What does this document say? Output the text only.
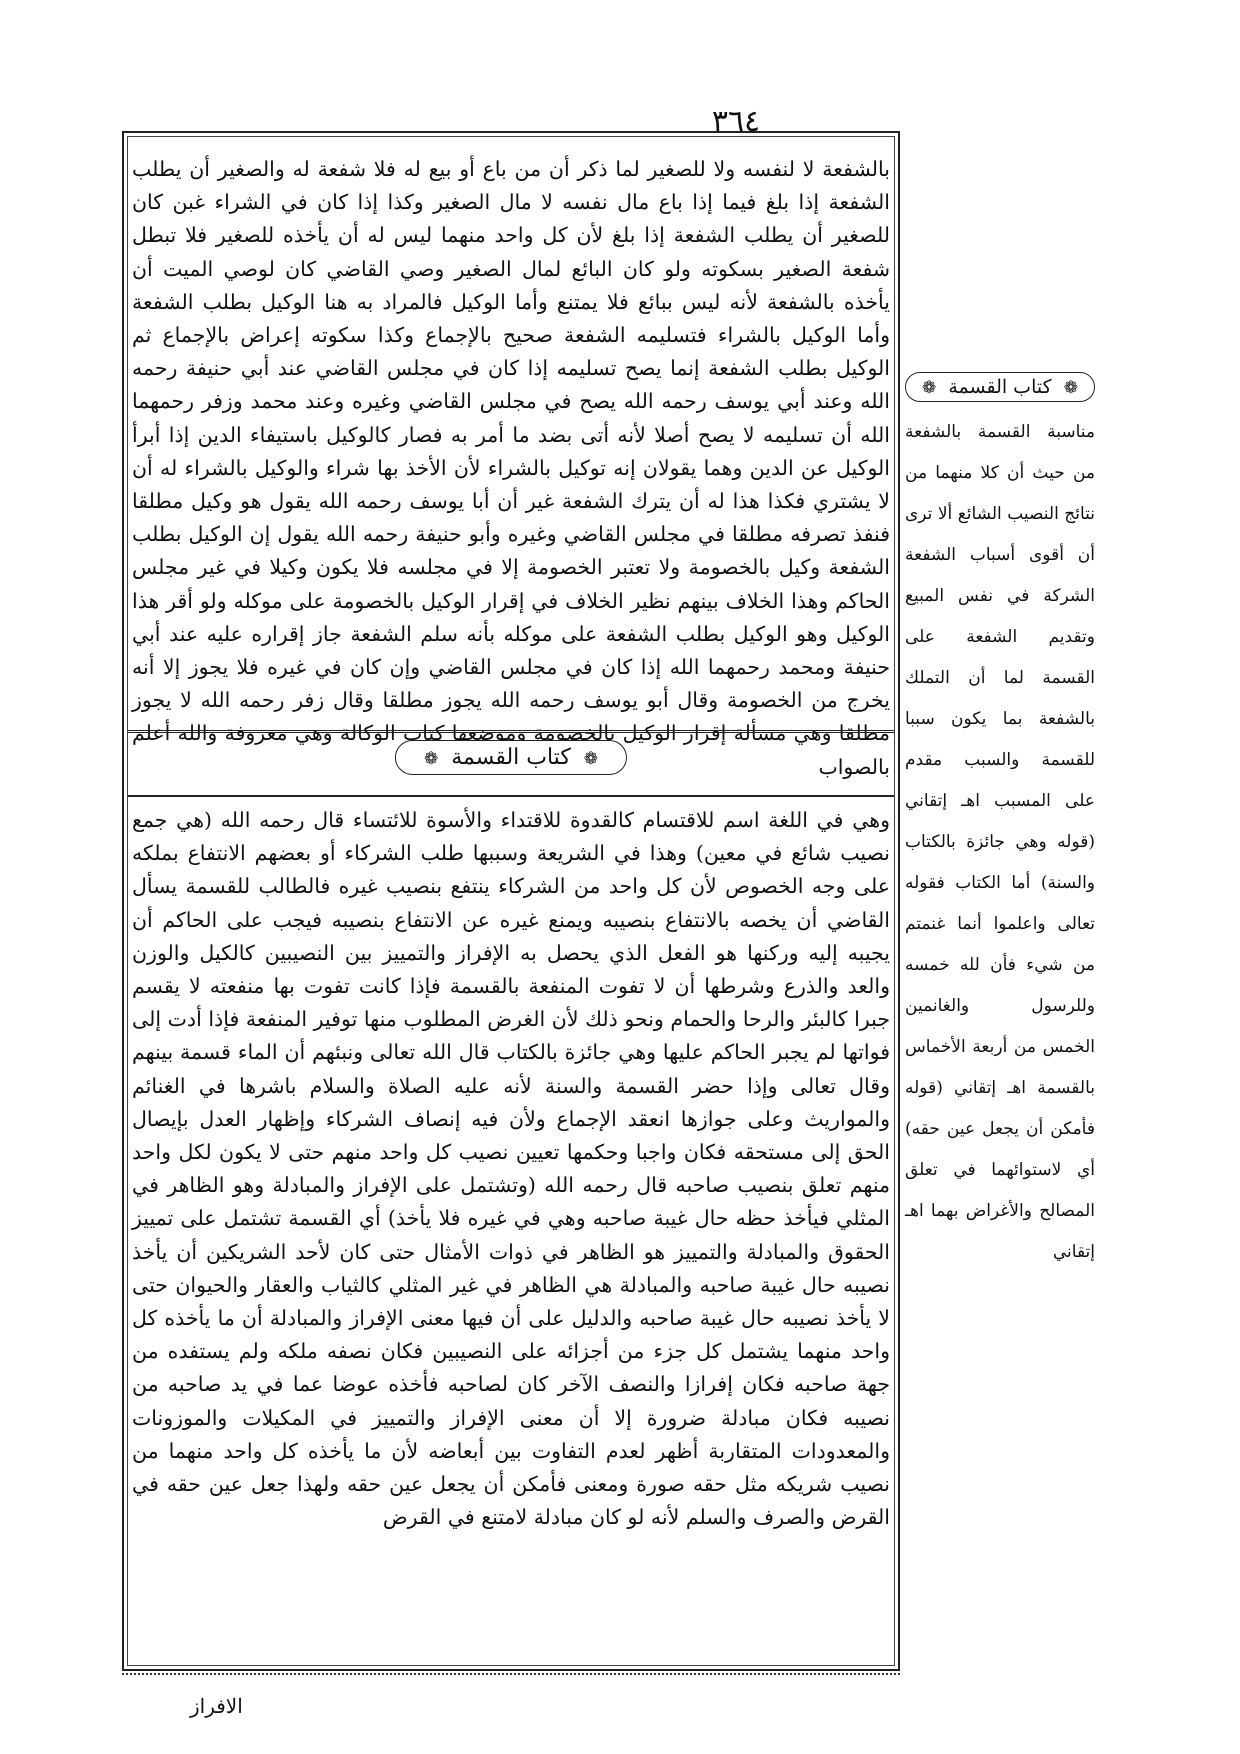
٣٦٤
بالشفعة لا لنفسه ولا للصغير لما ذكر أن من باع أو بيع له فلا شفعة له والصغير أن يطلب الشفعة إذا بلغ فيما إذا باع مال نفسه لا مال الصغير وكذا إذا كان في الشراء غبن كان للصغير أن يطلب الشفعة إذا بلغ لأن كل واحد منهما ليس له أن يأخذه للصغير فلا تبطل شفعة الصغير بسكوته ولو كان البائع لمال الصغير وصي القاضي كان لوصي الميت أن يأخذه بالشفعة لأنه ليس ببائع فلا يمتنع وأما الوكيل فالمراد به هنا الوكيل بطلب الشفعة وأما الوكيل بالشراء فتسليمه الشفعة صحيح بالإجماع وكذا سكوته إعراض بالإجماع ثم الوكيل بطلب الشفعة إنما يصح تسليمه إذا كان في مجلس القاضي عند أبي حنيفة رحمه الله وعند أبي يوسف رحمه الله يصح في مجلس القاضي وغيره وعند محمد وزفر رحمهما الله أن تسليمه لا يصح أصلا لأنه أتى بضد ما أمر به فصار كالوكيل باستيفاء الدين إذا أبرأ الوكيل عن الدين وهما يقولان إنه توكيل بالشراء لأن الأخذ بها شراء والوكيل بالشراء له أن لا يشتري فكذا هذا له أن يترك الشفعة غير أن أبا يوسف رحمه الله يقول هو وكيل مطلقا فنفذ تصرفه مطلقا في مجلس القاضي وغيره وأبو حنيفة رحمه الله يقول إن الوكيل بطلب الشفعة وكيل بالخصومة ولا تعتبر الخصومة إلا في مجلسه فلا يكون وكيلا في غير مجلس الحاكم وهذا الخلاف بينهم نظير الخلاف في إقرار الوكيل بالخصومة على موكله ولو أقر هذا الوكيل وهو الوكيل بطلب الشفعة على موكله بأنه سلم الشفعة جاز إقراره عليه عند أبي حنيفة ومحمد رحمهما الله إذا كان في مجلس القاضي وإن كان في غيره فلا يجوز إلا أنه يخرج من الخصومة وقال أبو يوسف رحمه الله يجوز مطلقا وقال زفر رحمه الله لا يجوز مطلقا وهي مسألة إقرار الوكيل بالخصومة وموضعها كتاب الوكالة وهي معروفة والله أعلم بالصواب
❁ كتاب القسمة ❁
وهي في اللغة اسم للاقتسام كالقدوة للاقتداء والأسوة للائتساء قال رحمه الله (هي جمع نصيب شائع في معين) وهذا في الشريعة وسببها طلب الشركاء أو بعضهم الانتفاع بملكه على وجه الخصوص لأن كل واحد من الشركاء ينتفع بنصيب غيره فالطالب للقسمة يسأل القاضي أن يخصه بالانتفاع بنصيبه ويمنع غيره عن الانتفاع بنصيبه فيجب على الحاكم أن يجيبه إليه وركنها هو الفعل الذي يحصل به الإفراز والتمييز بين النصيبين كالكيل والوزن والعد والذرع وشرطها أن لا تفوت المنفعة بالقسمة فإذا كانت تفوت بها منفعته لا يقسم جبرا كالبئر والرحا والحمام ونحو ذلك لأن الغرض المطلوب منها توفير المنفعة فإذا أدت إلى فواتها لم يجبر الحاكم عليها وهي جائزة بالكتاب قال الله تعالى ونبئهم أن الماء قسمة بينهم وقال تعالى وإذا حضر القسمة والسنة لأنه عليه الصلاة والسلام باشرها في الغنائم والمواريث وعلى جوازها انعقد الإجماع ولأن فيه إنصاف الشركاء وإظهار العدل بإيصال الحق إلى مستحقه فكان واجبا وحكمها تعيين نصيب كل واحد منهم حتى لا يكون لكل واحد منهم تعلق بنصيب صاحبه قال رحمه الله (وتشتمل على الإفراز والمبادلة وهو الظاهر في المثلي فيأخذ حظه حال غيبة صاحبه وهي في غيره فلا يأخذ) أي القسمة تشتمل على تمييز الحقوق والمبادلة والتمييز هو الظاهر في ذوات الأمثال حتى كان لأحد الشريكين أن يأخذ نصيبه حال غيبة صاحبه والمبادلة هي الظاهر في غير المثلي كالثياب والعقار والحيوان حتى لا يأخذ نصيبه حال غيبة صاحبه والدليل على أن فيها معنى الإفراز والمبادلة أن ما يأخذه كل واحد منهما يشتمل كل جزء من أجزائه على النصيبين فكان نصفه ملكه ولم يستفده من جهة صاحبه فكان إفرازا والنصف الآخر كان لصاحبه فأخذه عوضا عما في يد صاحبه من نصيبه فكان مبادلة ضرورة إلا أن معنى الإفراز والتمييز في المكيلات والموزونات والمعدودات المتقاربة أظهر لعدم التفاوت بين أبعاضه لأن ما يأخذه كل واحد منهما من نصيب شريكه مثل حقه صورة ومعنى فأمكن أن يجعل عين حقه ولهذا جعل عين حقه في القرض والصرف والسلم لأنه لو كان مبادلة لامتنع في القرض
❁ كتاب القسمة ❁
مناسبة القسمة بالشفعة من حيث أن كلا منهما من نتائج النصيب الشائع ألا ترى أن أقوى أسباب الشفعة الشركة في نفس المبيع وتقديم الشفعة على القسمة لما أن التملك بالشفعة بما يكون سببا للقسمة والسبب مقدم على المسبب اهـ إتقاني (قوله وهي جائزة بالكتاب والسنة) أما الكتاب فقوله تعالى واعلموا أنما غنمتم من شيء فأن لله خمسه وللرسول والغانمين الخمس من أربعة الأخماس بالقسمة اهـ إتقاني (قوله فأمكن أن يجعل عين حقه) أي لاستوائهما في تعلق المصالح والأغراض بهما اهـ إتقاني
الافراز
